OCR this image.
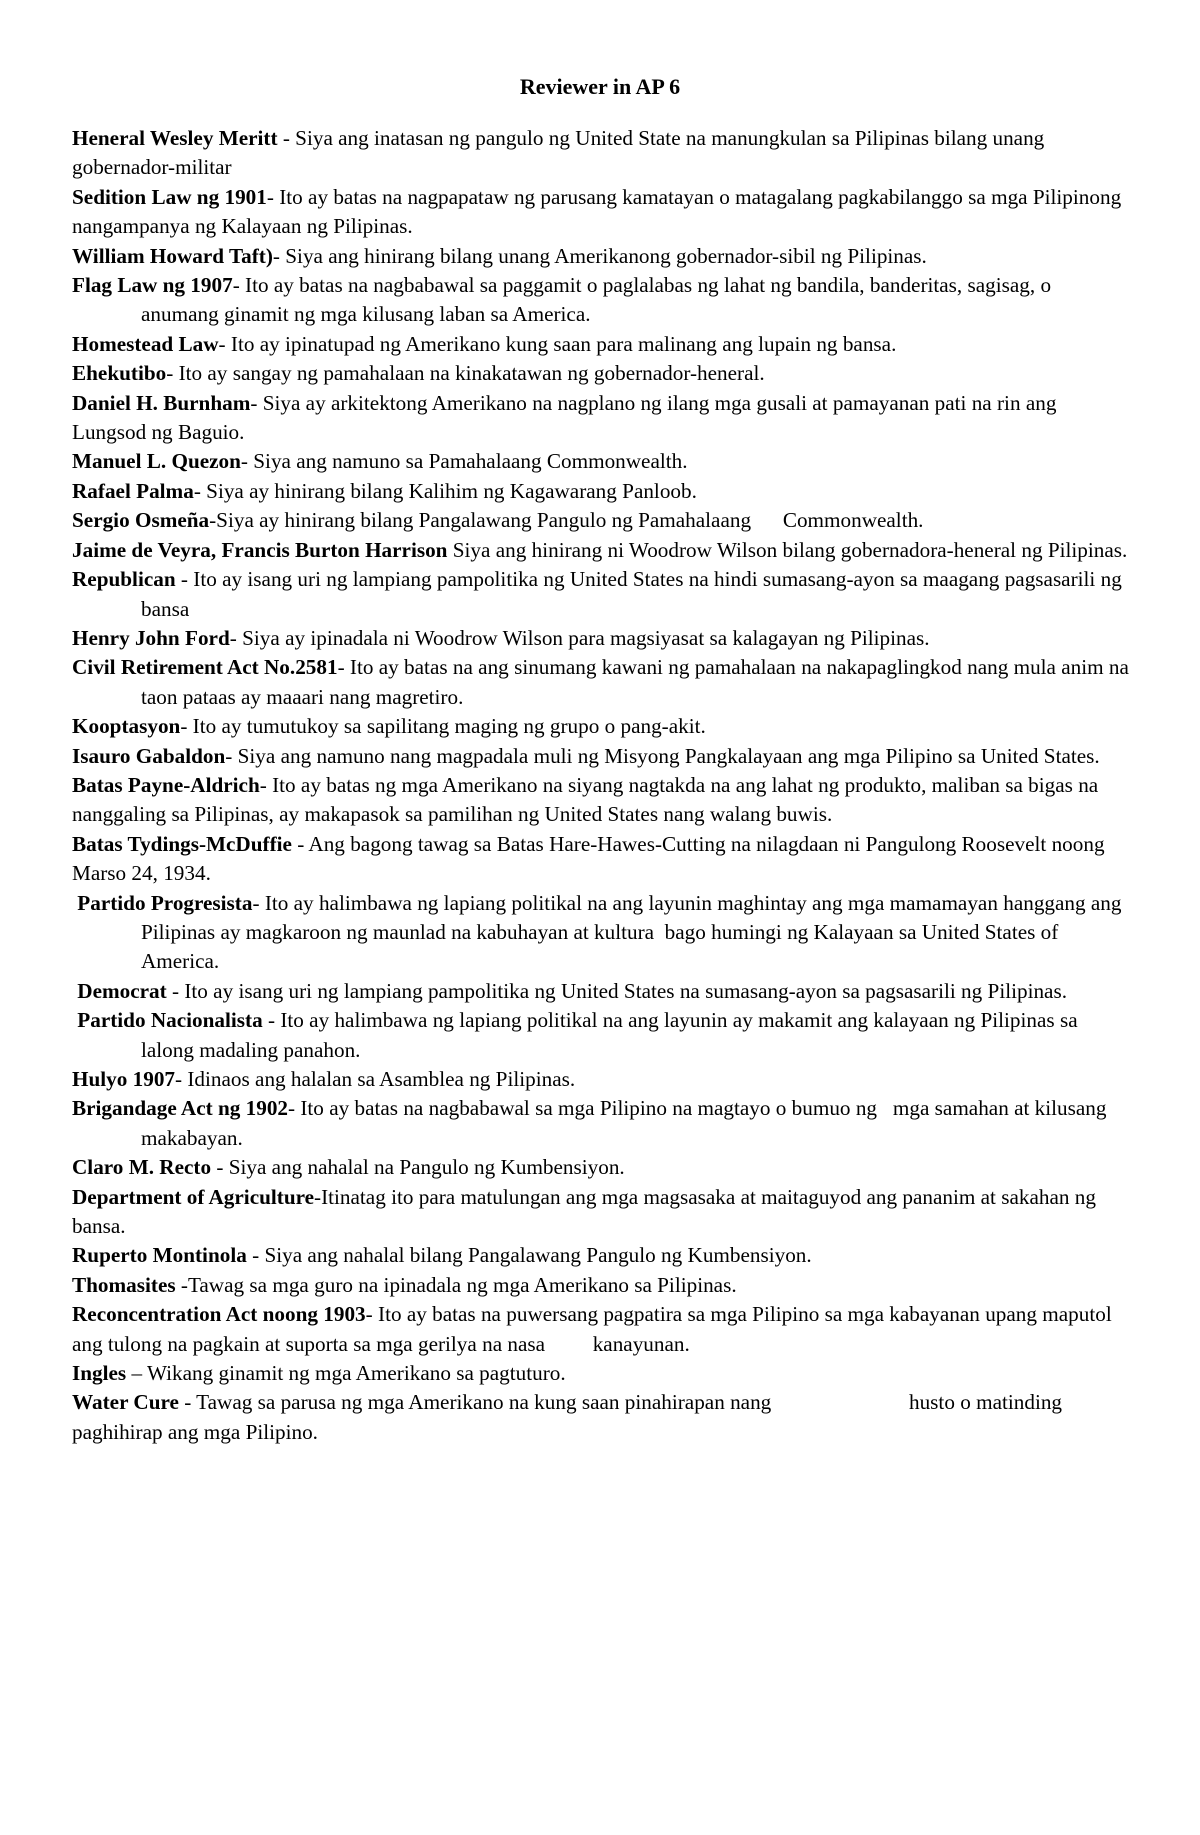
Reviewer in AP 6

Heneral Wesley Meritt - Siya ang inatasan ng pangulo ng United State na manungkulan sa Pilipinas bilang unang gobernador-militar

Sedition Law ng 1901- Ito ay batas na nagpapataw ng parusang kamatayan o matagalang pagkabilanggo sa mga Pilipinong nangampanya ng Kalayaan ng Pilipinas.

William Howard Taft)- Siya ang hinirang bilang unang Amerikanong gobernador-sibil ng Pilipinas.

Flag Law ng 1907- Ito ay batas na nagbabawal sa paggamit o paglalabas ng lahat ng bandila, banderitas, sagisag, o anumang ginamit ng mga kilusang laban sa America.

Homestead Law- Ito ay ipinatupad ng Amerikano kung saan para malinang ang lupain ng bansa.

Ehekutibo- Ito ay sangay ng pamahalaan na kinakatawan ng gobernador-heneral.

Daniel H. Burnham- Siya ay arkitektong Amerikano na nagplano ng ilang mga gusali at pamayanan pati na rin ang Lungsod ng Baguio.

Manuel L. Quezon- Siya ang namuno sa Pamahalaang Commonwealth.

Rafael Palma- Siya ay hinirang bilang Kalihim ng Kagawarang Panloob.

Sergio Osmeña-Siya ay hinirang bilang Pangalawang Pangulo ng Pamahalaang      Commonwealth.

Jaime de Veyra, Francis Burton Harrison Siya ang hinirang ni Woodrow Wilson bilang gobernadora-heneral ng Pilipinas.

Republican - Ito ay isang uri ng lampiang pampolitika ng United States na hindi sumasang-ayon sa maagang pagsasarili ng bansa

Henry John Ford- Siya ay ipinadala ni Woodrow Wilson para magsiyasat sa kalagayan ng Pilipinas.

Civil Retirement Act No.2581- Ito ay batas na ang sinumang kawani ng pamahalaan na nakapaglingkod nang mula anim na taon pataas ay maaari nang magretiro.

Kooptasyon- Ito ay tumutukoy sa sapilitang maging ng grupo o pang-akit.

Isauro Gabaldon- Siya ang namuno nang magpadala muli ng Misyong Pangkalayaan ang mga Pilipino sa United States.

Batas Payne-Aldrich- Ito ay batas ng mga Amerikano na siyang nagtakda na ang lahat ng produkto, maliban sa bigas na nanggaling sa Pilipinas, ay makapasok sa pamilihan ng United States nang walang buwis.

Batas Tydings-McDuffie - Ang bagong tawag sa Batas Hare-Hawes-Cutting na nilagdaan ni Pangulong Roosevelt noong Marso 24, 1934.

Partido Progresista- Ito ay halimbawa ng lapiang politikal na ang layunin maghintay ang mga mamamayan hanggang ang Pilipinas ay magkaroon ng maunlad na kabuhayan at kultura  bago humingi ng Kalayaan sa United States of America.

Democrat - Ito ay isang uri ng lampiang pampolitika ng United States na sumasang-ayon sa pagsasarili ng Pilipinas.

Partido Nacionalista - Ito ay halimbawa ng lapiang politikal na ang layunin ay makamit ang kalayaan ng Pilipinas sa lalong madaling panahon.

Hulyo 1907- Idinaos ang halalan sa Asamblea ng Pilipinas.

Brigandage Act ng 1902- Ito ay batas na nagbabawal sa mga Pilipino na magtayo o bumuo ng   mga samahan at kilusang makabayan.

Claro M. Recto - Siya ang nahalal na Pangulo ng Kumbensiyon.

Department of Agriculture-Itinatag ito para matulungan ang mga magsasaka at maitaguyod ang pananim at sakahan ng bansa.

Ruperto Montinola - Siya ang nahalal bilang Pangalawang Pangulo ng Kumbensiyon.

Thomasites -Tawag sa mga guro na ipinadala ng mga Amerikano sa Pilipinas.

Reconcentration Act noong 1903- Ito ay batas na puwersang pagpatira sa mga Pilipino sa mga kabayanan upang maputol ang tulong na pagkain at suporta sa mga gerilya na nasa         kanayunan.

Ingles – Wikang ginamit ng mga Amerikano sa pagtuturo.

Water Cure - Tawag sa parusa ng mga Amerikano na kung saan pinahirapan nang                          husto o matinding paghihirap ang mga Pilipino.
